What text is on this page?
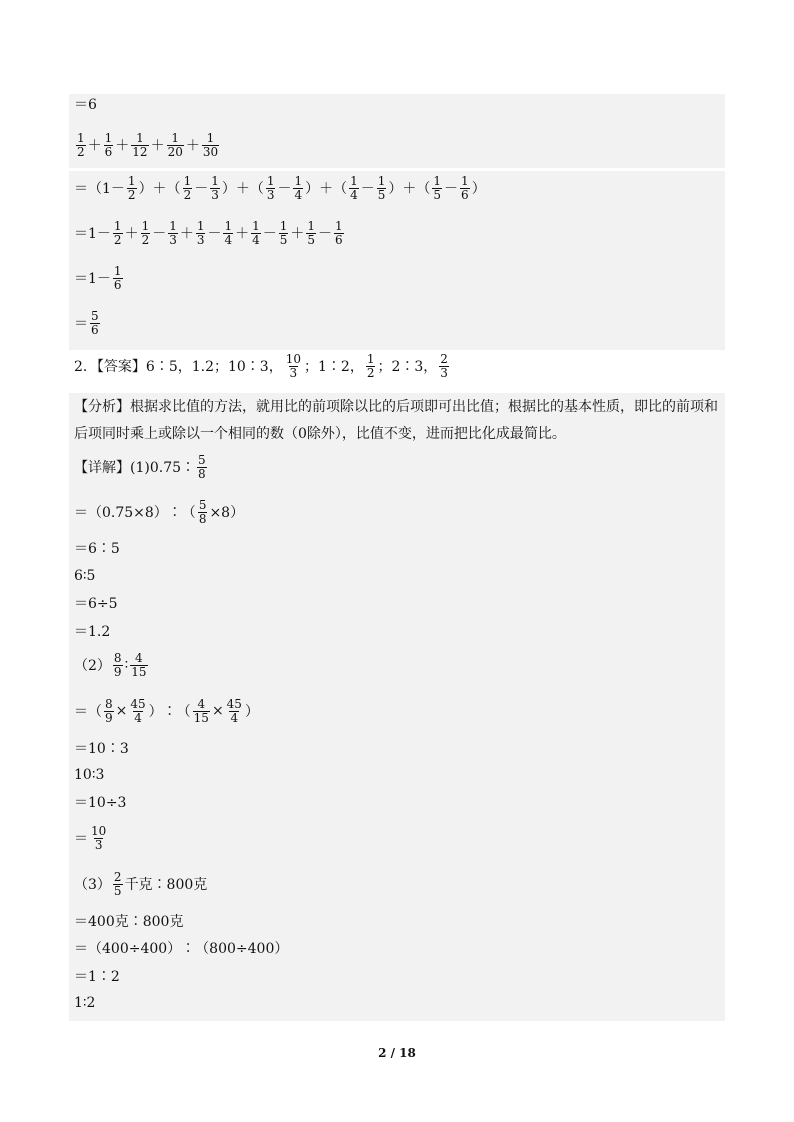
＝6
$\frac{1}{2} + \frac{1}{6} + \frac{1}{12} + \frac{1}{20} + \frac{1}{30}$
$=(1- \frac{1}{2}$ ）＋（ $\frac{1}{2} - \frac{1}{3}$ ）＋（ $\frac{1}{3} - \frac{1}{4}$ ）＋（ $\frac{1}{4} - \frac{1}{5}$ ）＋（ $\frac{1}{5} - \frac{1}{6}$ ）
$=1- \frac{1}{2} + \frac{1}{2} - \frac{1}{3} + \frac{1}{3} - \frac{1}{4} + \frac{1}{4} - \frac{1}{5} + \frac{1}{5} - \frac{1}{6}$
$=1- \frac{1}{6}$
＝ $\frac{5}{6}$
2．【答案】6∶5，1.2；10∶3， $\frac{10}{3}$ ；1∶2， $\frac{1}{2}$ ；2∶3， $\frac{2}{3}$
【分析】根据求比值的方法，就用比的前项除以比的后项即可出比值；根据比的基本性质，即比的前项和
后项同时乘上或除以一个相同的数（0除外），比值不变，进而把比化成最简比。
【详解】(1)0.75∶ $\frac{5}{8}$
＝（0.75×8）∶（ $\frac{5}{8} \times 8$）
＝6∶5
6∶5
＝6÷5
＝1.2
$(2) \frac{8}{9}$ ∶ $\frac{4}{15}$
＝（ $\frac{8}{9} \times \frac{45}{4}$ ）∶（ $\frac{4}{15} \times \frac{45}{4}$ ）
＝10∶3
10∶3
＝10÷3
＝ $\frac{10}{3}$
$(3) \frac{2}{5}$ 千克∶800克
＝400克∶800克
＝（400÷400）∶（800÷400）
＝1∶2
1∶2
2 / 18
